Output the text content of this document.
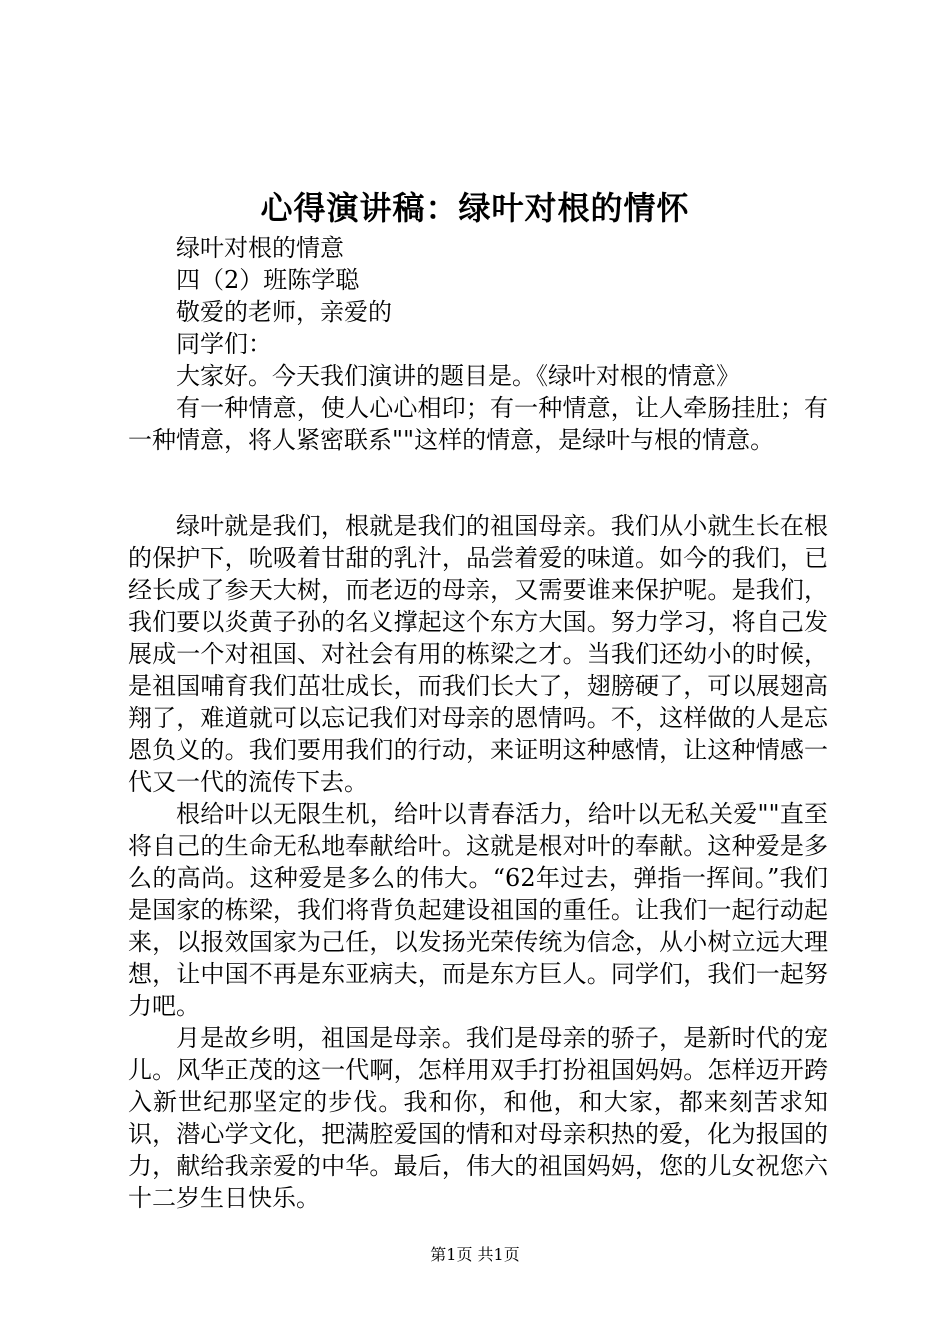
心得演讲稿：绿叶对根的情怀

绿叶对根的情意

四（2）班陈学聪

敬爱的老师，亲爱的

同学们：

大家好。今天我们演讲的题目是。《绿叶对根的情意》

有一种情意，使人心心相印；有一种情意，让人牵肠挂肚；有一种情意，将人紧密联系""这样的情意，是绿叶与根的情意。

绿叶就是我们，根就是我们的祖国母亲。我们从小就生长在根的保护下，吮吸着甘甜的乳汁，品尝着爱的味道。如今的我们，已经长成了参天大树，而老迈的母亲，又需要谁来保护呢。是我们，我们要以炎黄子孙的名义撑起这个东方大国。努力学习，将自己发展成一个对祖国、对社会有用的栋梁之才。当我们还幼小的时候，是祖国哺育我们茁壮成长，而我们长大了，翅膀硬了，可以展翅高翔了，难道就可以忘记我们对母亲的恩情吗。不，这样做的人是忘恩负义的。我们要用我们的行动，来证明这种感情，让这种情感一代又一代的流传下去。

根给叶以无限生机，给叶以青春活力，给叶以无私关爱""直至将自己的生命无私地奉献给叶。这就是根对叶的奉献。这种爱是多么的高尚。这种爱是多么的伟大。“62年过去，弹指一挥间。”我们是国家的栋梁，我们将背负起建设祖国的重任。让我们一起行动起来，以报效国家为己任，以发扬光荣传统为信念，从小树立远大理想，让中国不再是东亚病夫，而是东方巨人。同学们，我们一起努力吧。

月是故乡明，祖国是母亲。我们是母亲的骄子，是新时代的宠儿。风华正茂的这一代啊，怎样用双手打扮祖国妈妈。怎样迈开跨入新世纪那坚定的步伐。我和你，和他，和大家，都来刻苦求知识，潜心学文化，把满腔爱国的情和对母亲积热的爱，化为报国的力，献给我亲爱的中华。最后，伟大的祖国妈妈，您的儿女祝您六十二岁生日快乐。

第1页 共1页
